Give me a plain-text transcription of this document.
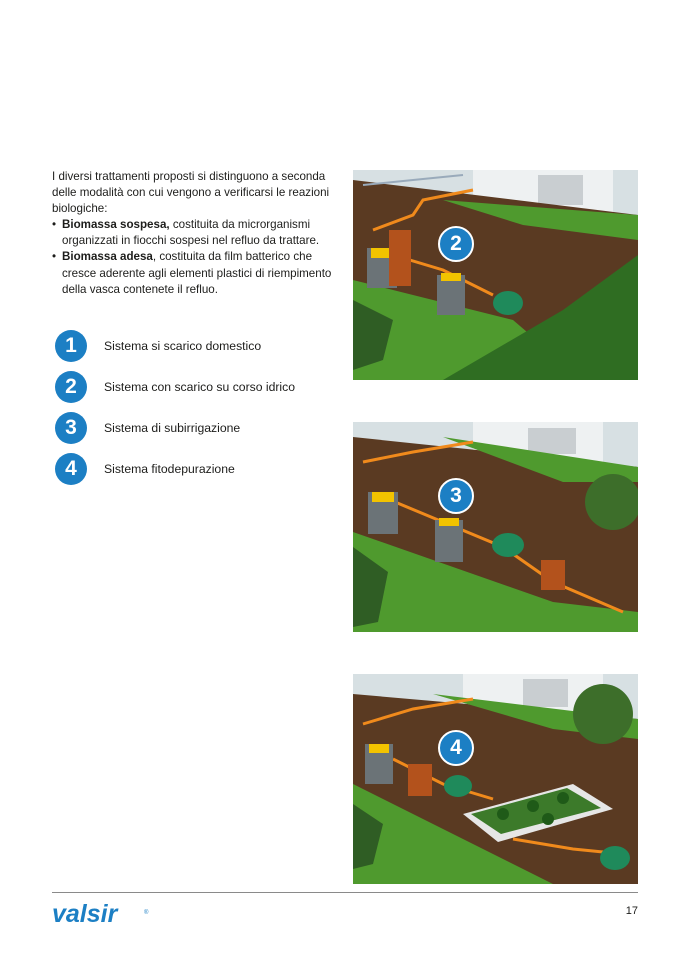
I diversi trattamenti proposti si distinguono a seconda delle modalità con cui vengono a verificarsi le reazioni biologiche:

• Biomassa sospesa, costituita da microrganismi organizzati in fiocchi sospesi nel refluo da trattare.
• Biomassa adesa, costituita da film batterico che cresce aderente agli elementi plastici di riempimento della vasca contenete il refluo.
1	Sistema si scarico domestico
2	Sistema con scarico su corso idrico
3	Sistema di subirrigazione
4	Sistema fitodepurazione
2
3
4
valsir	®	17
